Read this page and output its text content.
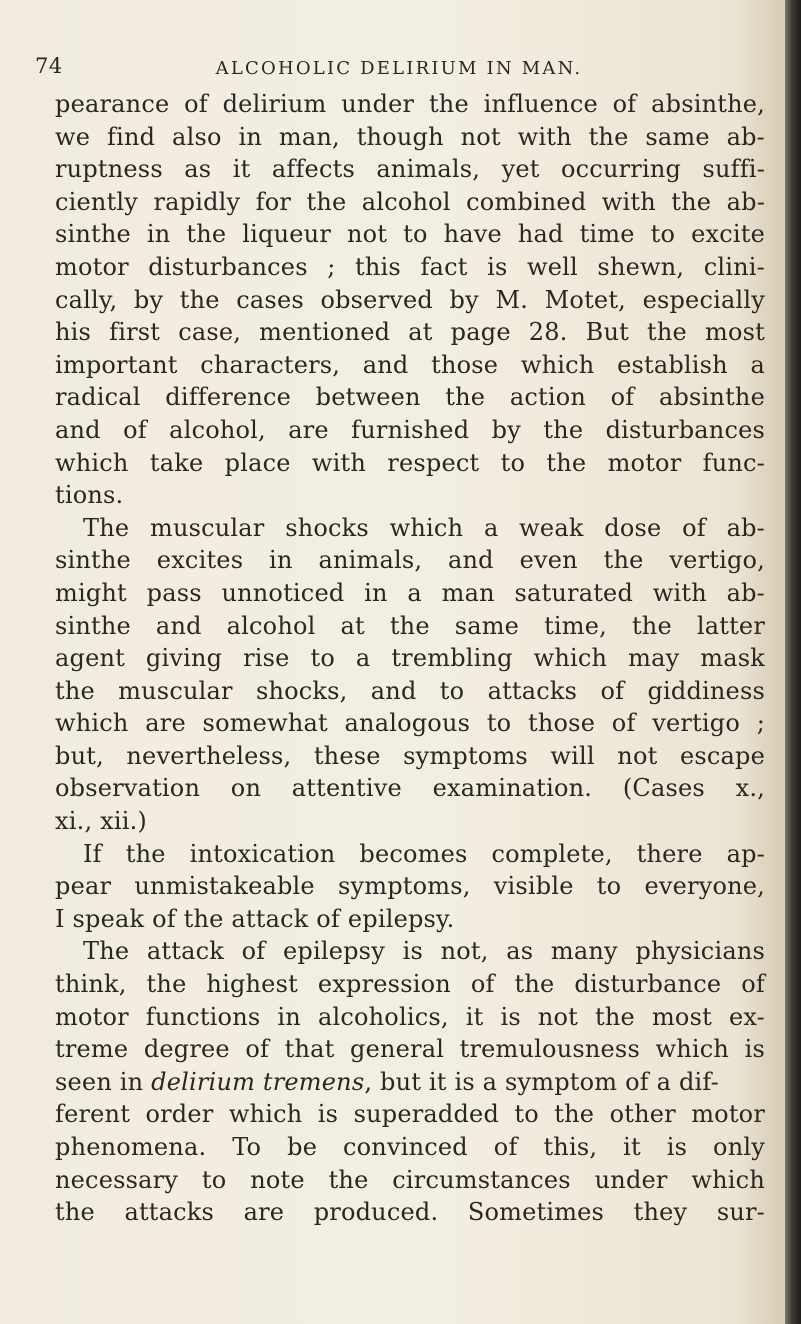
74	ALCOHOLIC DELIRIUM IN MAN.
pearance of delirium under the influence of absinthe,
we find also in man, though not with the same ab-
ruptness as it affects animals, yet occurring suffi-
ciently rapidly for the alcohol combined with the ab-
sinthe in the liqueur not to have had time to excite
motor disturbances ; this fact is well shewn, clini-
cally, by the cases observed by M. Motet, especially
his first case, mentioned at page 28. But the most
important characters, and those which establish a
radical difference between the action of absinthe
and of alcohol, are furnished by the disturbances
which take place with respect to the motor func-
tions.
The muscular shocks which a weak dose of ab-
sinthe excites in animals, and even the vertigo,
might pass unnoticed in a man saturated with ab-
sinthe and alcohol at the same time, the latter
agent giving rise to a trembling which may mask
the muscular shocks, and to attacks of giddiness
which are somewhat analogous to those of vertigo ;
but, nevertheless, these symptoms will not escape
observation on attentive examination. (Cases x.,
xi., xii.)
If the intoxication becomes complete, there ap-
pear unmistakeable symptoms, visible to everyone,
I speak of the attack of epilepsy.
The attack of epilepsy is not, as many physicians
think, the highest expression of the disturbance of
motor functions in alcoholics, it is not the most ex-
treme degree of that general tremulousness which is
seen in delirium tremens, but it is a symptom of a dif-
ferent order which is superadded to the other motor
phenomena. To be convinced of this, it is only
necessary to note the circumstances under which
the attacks are produced. Sometimes they sur-
